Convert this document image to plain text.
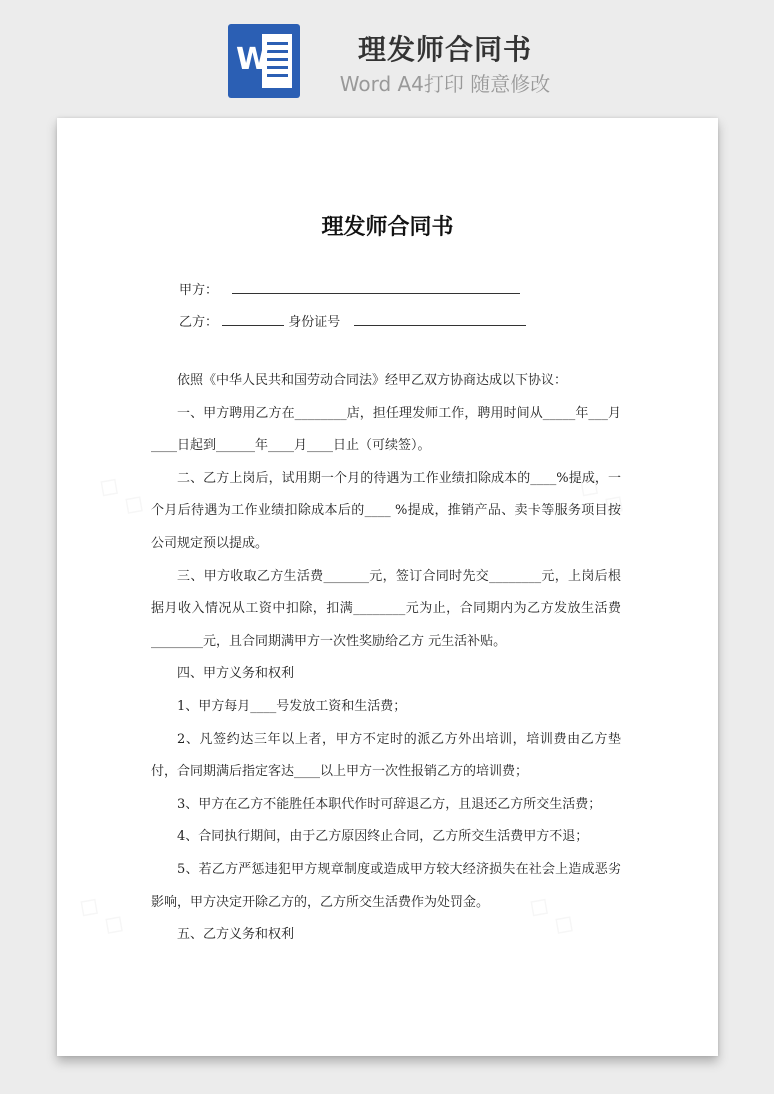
W	理发师合同书
Word A4打印 随意修改
理发师合同书
甲方：
乙方：	身份证号

依照《中华人民共和国劳动合同法》经甲乙双方协商达成以下协议：

一、甲方聘用乙方在________店，担任理发师工作，聘用时间从_____年___月____日起到______年____月____日止（可续签）。

二、乙方上岗后，试用期一个月的待遇为工作业绩扣除成本的____%提成，一个月后待遇为工作业绩扣除成本后的____ %提成，推销产品、卖卡等服务项目按公司规定预以提成。

三、甲方收取乙方生活费_______元，签订合同时先交________元，上岗后根据月收入情况从工资中扣除，扣满________元为止，合同期内为乙方发放生活费________元，且合同期满甲方一次性奖励给乙方 元生活补贴。

四、甲方义务和权利

1、甲方每月____号发放工资和生活费；

2、凡签约达三年以上者，甲方不定时的派乙方外出培训，培训费由乙方垫付，合同期满后指定客达____以上甲方一次性报销乙方的培训费；

3、甲方在乙方不能胜任本职代作时可辞退乙方，且退还乙方所交生活费；

4、合同执行期间，由于乙方原因终止合同，乙方所交生活费甲方不退；

5、若乙方严惩违犯甲方规章制度或造成甲方较大经济损失在社会上造成恶劣影响，甲方决定开除乙方的，乙方所交生活费作为处罚金。

五、乙方义务和权利
